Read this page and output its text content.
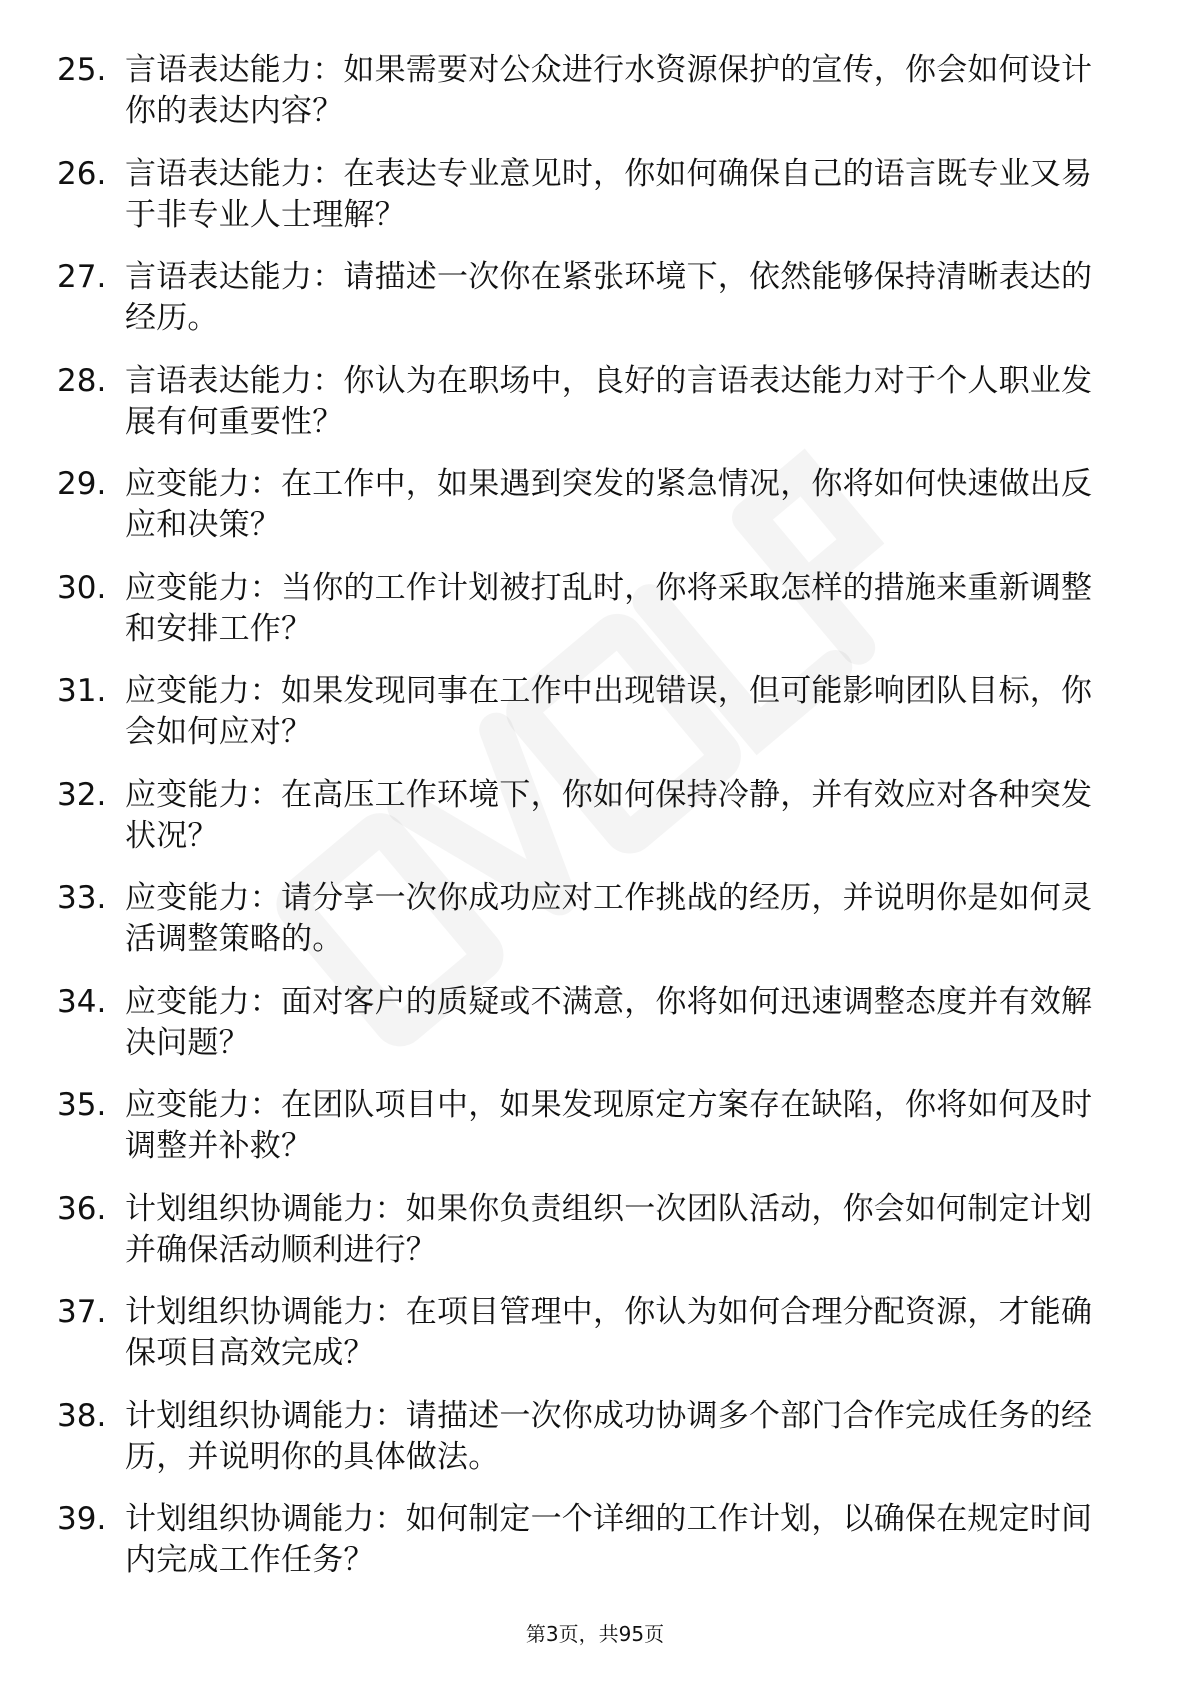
25. 言语表达能力：如果需要对公众进行水资源保护的宣传，你会如何设计你的表达内容？
26. 言语表达能力：在表达专业意见时，你如何确保自己的语言既专业又易于非专业人士理解？
27. 言语表达能力：请描述一次你在紧张环境下，依然能够保持清晰表达的经历。
28. 言语表达能力：你认为在职场中，良好的言语表达能力对于个人职业发展有何重要性？
29. 应变能力：在工作中，如果遇到突发的紧急情况，你将如何快速做出反应和决策？
30. 应变能力：当你的工作计划被打乱时，你将采取怎样的措施来重新调整和安排工作？
31. 应变能力：如果发现同事在工作中出现错误，但可能影响团队目标，你会如何应对？
32. 应变能力：在高压工作环境下，你如何保持冷静，并有效应对各种突发状况？
33. 应变能力：请分享一次你成功应对工作挑战的经历，并说明你是如何灵活调整策略的。
34. 应变能力：面对客户的质疑或不满意，你将如何迅速调整态度并有效解决问题？
35. 应变能力：在团队项目中，如果发现原定方案存在缺陷，你将如何及时调整并补救？
36. 计划组织协调能力：如果你负责组织一次团队活动，你会如何制定计划并确保活动顺利进行？
37. 计划组织协调能力：在项目管理中，你认为如何合理分配资源，才能确保项目高效完成？
38. 计划组织协调能力：请描述一次你成功协调多个部门合作完成任务的经历，并说明你的具体做法。
39. 计划组织协调能力：如何制定一个详细的工作计划，以确保在规定时间内完成工作任务？
第3页，共95页
